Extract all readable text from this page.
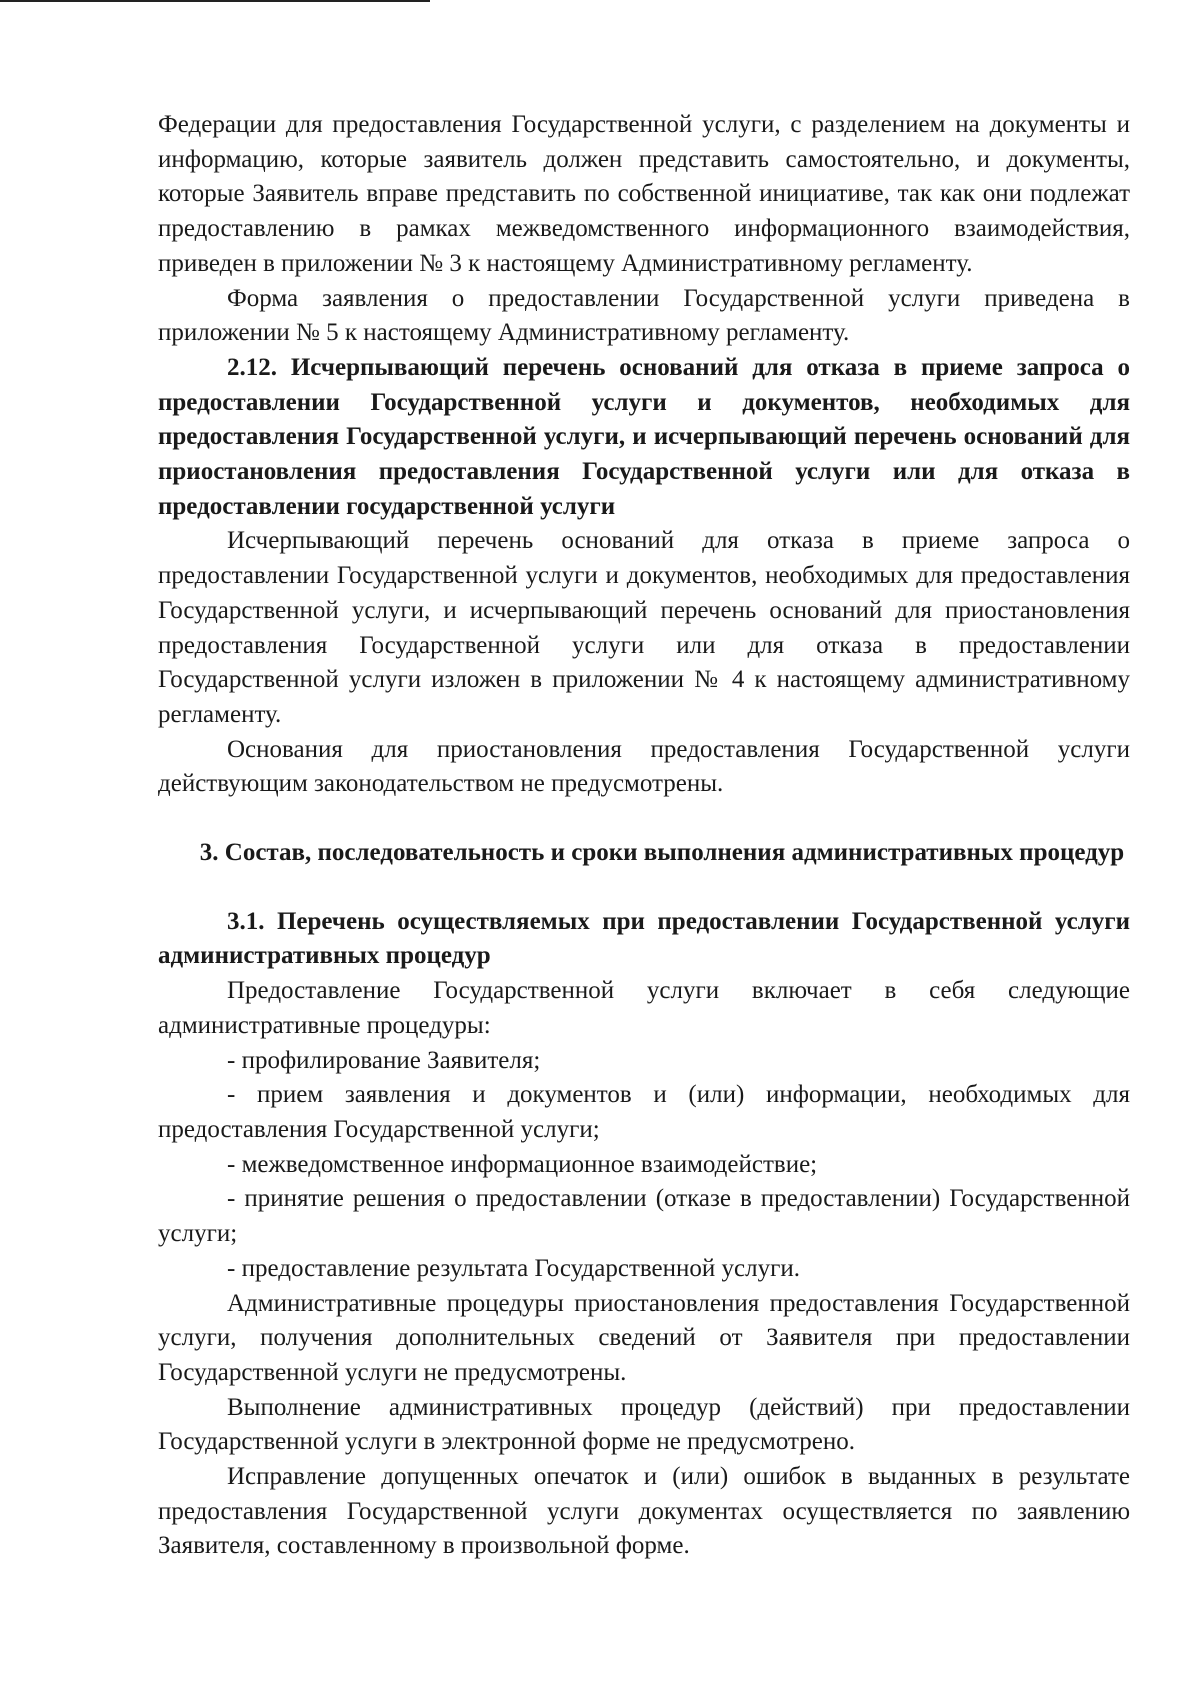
Федерации для предоставления Государственной услуги, с разделением на документы и информацию, которые заявитель должен представить самостоятельно, и документы, которые Заявитель вправе представить по собственной инициативе, так как они подлежат предоставлению в рамках межведомственного информационного взаимодействия, приведен в приложении № 3 к настоящему Административному регламенту.

Форма заявления о предоставлении Государственной услуги приведена в приложении № 5 к настоящему Административному регламенту.

2.12. Исчерпывающий перечень оснований для отказа в приеме запроса о предоставлении Государственной услуги и документов, необходимых для предоставления Государственной услуги, и исчерпывающий перечень оснований для приостановления предоставления Государственной услуги или для отказа в предоставлении государственной услуги

Исчерпывающий перечень оснований для отказа в приеме запроса о предоставлении Государственной услуги и документов, необходимых для предоставления Государственной услуги, и исчерпывающий перечень оснований для приостановления предоставления Государственной услуги или для отказа в предоставлении Государственной услуги изложен в приложении № 4 к настоящему административному регламенту.

Основания для приостановления предоставления Государственной услуги действующим законодательством не предусмотрены.

3. Состав, последовательность и сроки выполнения административных процедур

3.1. Перечень осуществляемых при предоставлении Государственной услуги административных процедур

Предоставление Государственной услуги включает в себя следующие административные процедуры:

- профилирование Заявителя;

- прием заявления и документов и (или) информации, необходимых для предоставления Государственной услуги;

- межведомственное информационное взаимодействие;

- принятие решения о предоставлении (отказе в предоставлении) Государственной услуги;

- предоставление результата Государственной услуги.

Административные процедуры приостановления предоставления Государственной услуги, получения дополнительных сведений от Заявителя при предоставлении Государственной услуги не предусмотрены.

Выполнение административных процедур (действий) при предоставлении Государственной услуги в электронной форме не предусмотрено.

Исправление допущенных опечаток и (или) ошибок в выданных в результате предоставления Государственной услуги документах осуществляется по заявлению Заявителя, составленному в произвольной форме.
